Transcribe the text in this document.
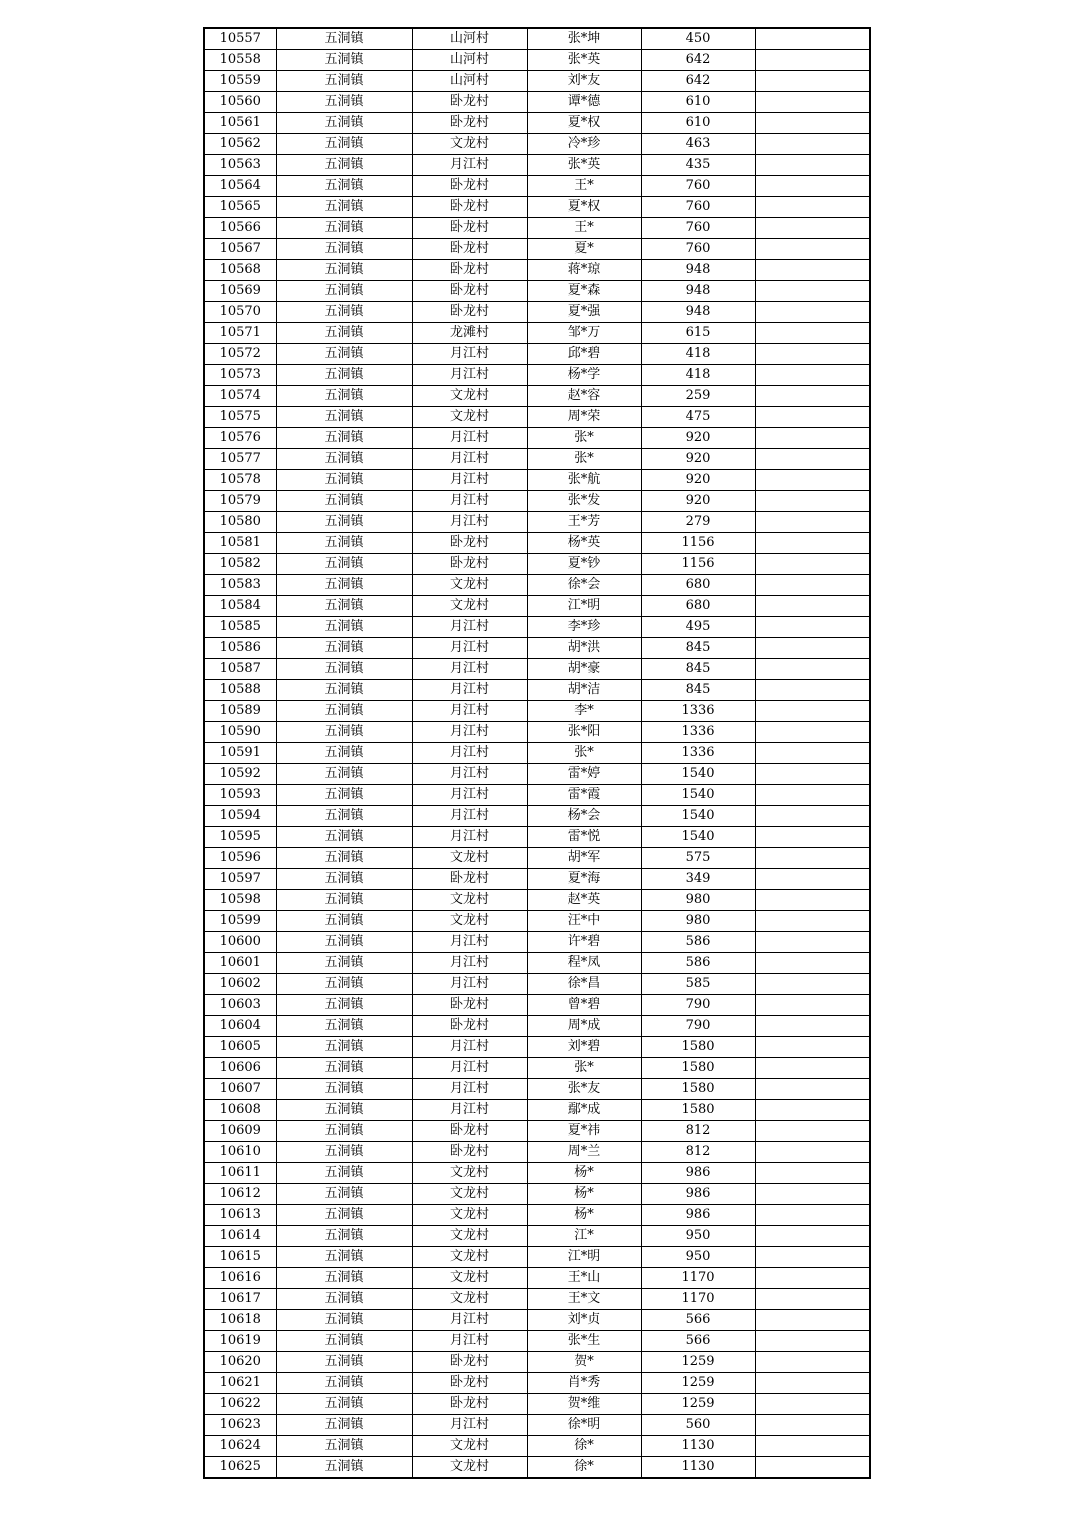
10557	五洞镇	山河村	张*坤	450	
10558	五洞镇	山河村	张*英	642	
10559	五洞镇	山河村	刘*友	642	
10560	五洞镇	卧龙村	谭*德	610	
10561	五洞镇	卧龙村	夏*权	610	
10562	五洞镇	文龙村	冷*珍	463	
10563	五洞镇	月江村	张*英	435	
10564	五洞镇	卧龙村	王*	760	
10565	五洞镇	卧龙村	夏*权	760	
10566	五洞镇	卧龙村	王*	760	
10567	五洞镇	卧龙村	夏*	760	
10568	五洞镇	卧龙村	蒋*琼	948	
10569	五洞镇	卧龙村	夏*森	948	
10570	五洞镇	卧龙村	夏*强	948	
10571	五洞镇	龙滩村	邹*万	615	
10572	五洞镇	月江村	邱*碧	418	
10573	五洞镇	月江村	杨*学	418	
10574	五洞镇	文龙村	赵*容	259	
10575	五洞镇	文龙村	周*荣	475	
10576	五洞镇	月江村	张*	920	
10577	五洞镇	月江村	张*	920	
10578	五洞镇	月江村	张*航	920	
10579	五洞镇	月江村	张*发	920	
10580	五洞镇	月江村	王*芳	279	
10581	五洞镇	卧龙村	杨*英	1156	
10582	五洞镇	卧龙村	夏*钞	1156	
10583	五洞镇	文龙村	徐*会	680	
10584	五洞镇	文龙村	江*明	680	
10585	五洞镇	月江村	李*珍	495	
10586	五洞镇	月江村	胡*洪	845	
10587	五洞镇	月江村	胡*豪	845	
10588	五洞镇	月江村	胡*洁	845	
10589	五洞镇	月江村	李*	1336	
10590	五洞镇	月江村	张*阳	1336	
10591	五洞镇	月江村	张*	1336	
10592	五洞镇	月江村	雷*婷	1540	
10593	五洞镇	月江村	雷*霞	1540	
10594	五洞镇	月江村	杨*会	1540	
10595	五洞镇	月江村	雷*悦	1540	
10596	五洞镇	文龙村	胡*军	575	
10597	五洞镇	卧龙村	夏*海	349	
10598	五洞镇	文龙村	赵*英	980	
10599	五洞镇	文龙村	汪*中	980	
10600	五洞镇	月江村	许*碧	586	
10601	五洞镇	月江村	程*凤	586	
10602	五洞镇	月江村	徐*昌	585	
10603	五洞镇	卧龙村	曾*碧	790	
10604	五洞镇	卧龙村	周*成	790	
10605	五洞镇	月江村	刘*碧	1580	
10606	五洞镇	月江村	张*	1580	
10607	五洞镇	月江村	张*友	1580	
10608	五洞镇	月江村	鄢*成	1580	
10609	五洞镇	卧龙村	夏*祎	812	
10610	五洞镇	卧龙村	周*兰	812	
10611	五洞镇	文龙村	杨*	986	
10612	五洞镇	文龙村	杨*	986	
10613	五洞镇	文龙村	杨*	986	
10614	五洞镇	文龙村	江*	950	
10615	五洞镇	文龙村	江*明	950	
10616	五洞镇	文龙村	王*山	1170	
10617	五洞镇	文龙村	王*文	1170	
10618	五洞镇	月江村	刘*贞	566	
10619	五洞镇	月江村	张*生	566	
10620	五洞镇	卧龙村	贺*	1259	
10621	五洞镇	卧龙村	肖*秀	1259	
10622	五洞镇	卧龙村	贺*维	1259	
10623	五洞镇	月江村	徐*明	560	
10624	五洞镇	文龙村	徐*	1130	
10625	五洞镇	文龙村	徐*	1130	
